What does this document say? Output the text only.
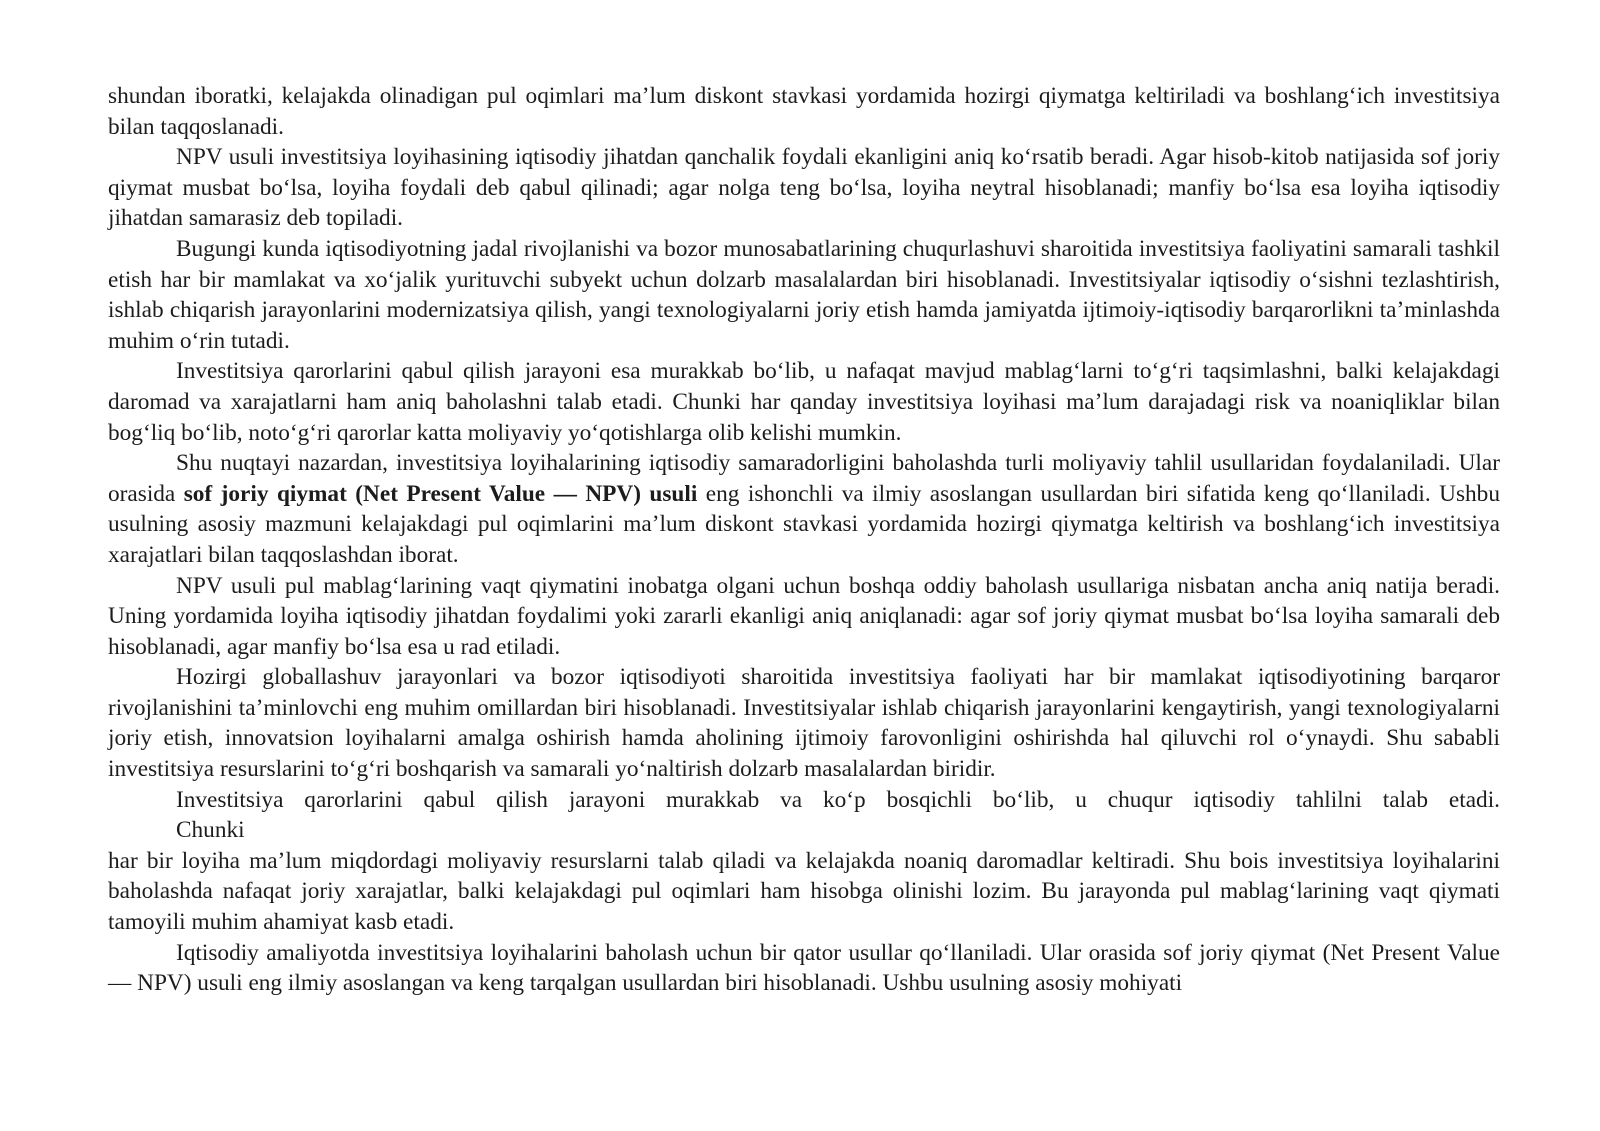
shundan iboratki, kelajakda olinadigan pul oqimlari ma’lum diskont stavkasi yordamida hozirgi qiymatga keltiriladi va boshlang‘ich investitsiya bilan taqqoslanadi.

NPV usuli investitsiya loyihasining iqtisodiy jihatdan qanchalik foydali ekanligini aniq ko‘rsatib beradi. Agar hisob-kitob natijasida sof joriy qiymat musbat bo‘lsa, loyiha foydali deb qabul qilinadi; agar nolga teng bo‘lsa, loyiha neytral hisoblanadi; manfiy bo‘lsa esa loyiha iqtisodiy jihatdan samarasiz deb topiladi.

Bugungi kunda iqtisodiyotning jadal rivojlanishi va bozor munosabatlarining chuqurlashuvi sharoitida investitsiya faoliyatini samarali tashkil etish har bir mamlakat va xo‘jalik yurituvchi subyekt uchun dolzarb masalalardan biri hisoblanadi. Investitsiyalar iqtisodiy o‘sishni tezlashtirish, ishlab chiqarish jarayonlarini modernizatsiya qilish, yangi texnologiyalarni joriy etish hamda jamiyatda ijtimoiy-iqtisodiy barqarorlikni ta’minlashda muhim o‘rin tutadi.

Investitsiya qarorlarini qabul qilish jarayoni esa murakkab bo‘lib, u nafaqat mavjud mablag‘larni to‘g‘ri taqsimlashni, balki kelajakdagi daromad va xarajatlarni ham aniq baholashni talab etadi. Chunki har qanday investitsiya loyihasi ma’lum darajadagi risk va noaniqliklar bilan bog‘liq bo‘lib, noto‘g‘ri qarorlar katta moliyaviy yo‘qotishlarga olib kelishi mumkin.

Shu nuqtayi nazardan, investitsiya loyihalarining iqtisodiy samaradorligini baholashda turli moliyaviy tahlil usullaridan foydalaniladi. Ular orasida sof joriy qiymat (Net Present Value — NPV) usuli eng ishonchli va ilmiy asoslangan usullardan biri sifatida keng qo‘llaniladi. Ushbu usulning asosiy mazmuni kelajakdagi pul oqimlarini ma’lum diskont stavkasi yordamida hozirgi qiymatga keltirish va boshlang‘ich investitsiya xarajatlari bilan taqqoslashdan iborat.

NPV usuli pul mablag‘larining vaqt qiymatini inobatga olgani uchun boshqa oddiy baholash usullariga nisbatan ancha aniq natija beradi. Uning yordamida loyiha iqtisodiy jihatdan foydalimi yoki zararli ekanligi aniq aniqlanadi: agar sof joriy qiymat musbat bo‘lsa loyiha samarali deb hisoblanadi, agar manfiy bo‘lsa esa u rad etiladi.

Hozirgi globallashuv jarayonlari va bozor iqtisodiyoti sharoitida investitsiya faoliyati har bir mamlakat iqtisodiyotining barqaror rivojlanishini ta’minlovchi eng muhim omillardan biri hisoblanadi. Investitsiyalar ishlab chiqarish jarayonlarini kengaytirish, yangi texnologiyalarni joriy etish, innovatsion loyihalarni amalga oshirish hamda aholining ijtimoiy farovonligini oshirishda hal qiluvchi rol o‘ynaydi. Shu sababli investitsiya resurslarini to‘g‘ri boshqarish va samarali yo‘naltirish dolzarb masalalardan biridir.

Investitsiya qarorlarini qabul qilish jarayoni murakkab va ko‘p bosqichli bo‘lib, u chuqur iqtisodiy tahlilni talab etadi.

Chunki

har bir loyiha ma’lum miqdordagi moliyaviy resurslarni talab qiladi va kelajakda noaniq daromadlar keltiradi. Shu bois investitsiya loyihalarini baholashda nafaqat joriy xarajatlar, balki kelajakdagi pul oqimlari ham hisobga olinishi lozim. Bu jarayonda pul mablag‘larining vaqt qiymati tamoyili muhim ahamiyat kasb etadi.

Iqtisodiy amaliyotda investitsiya loyihalarini baholash uchun bir qator usullar qo‘llaniladi. Ular orasida sof joriy qiymat (Net Present Value — NPV) usuli eng ilmiy asoslangan va keng tarqalgan usullardan biri hisoblanadi. Ushbu usulning asosiy mohiyati
